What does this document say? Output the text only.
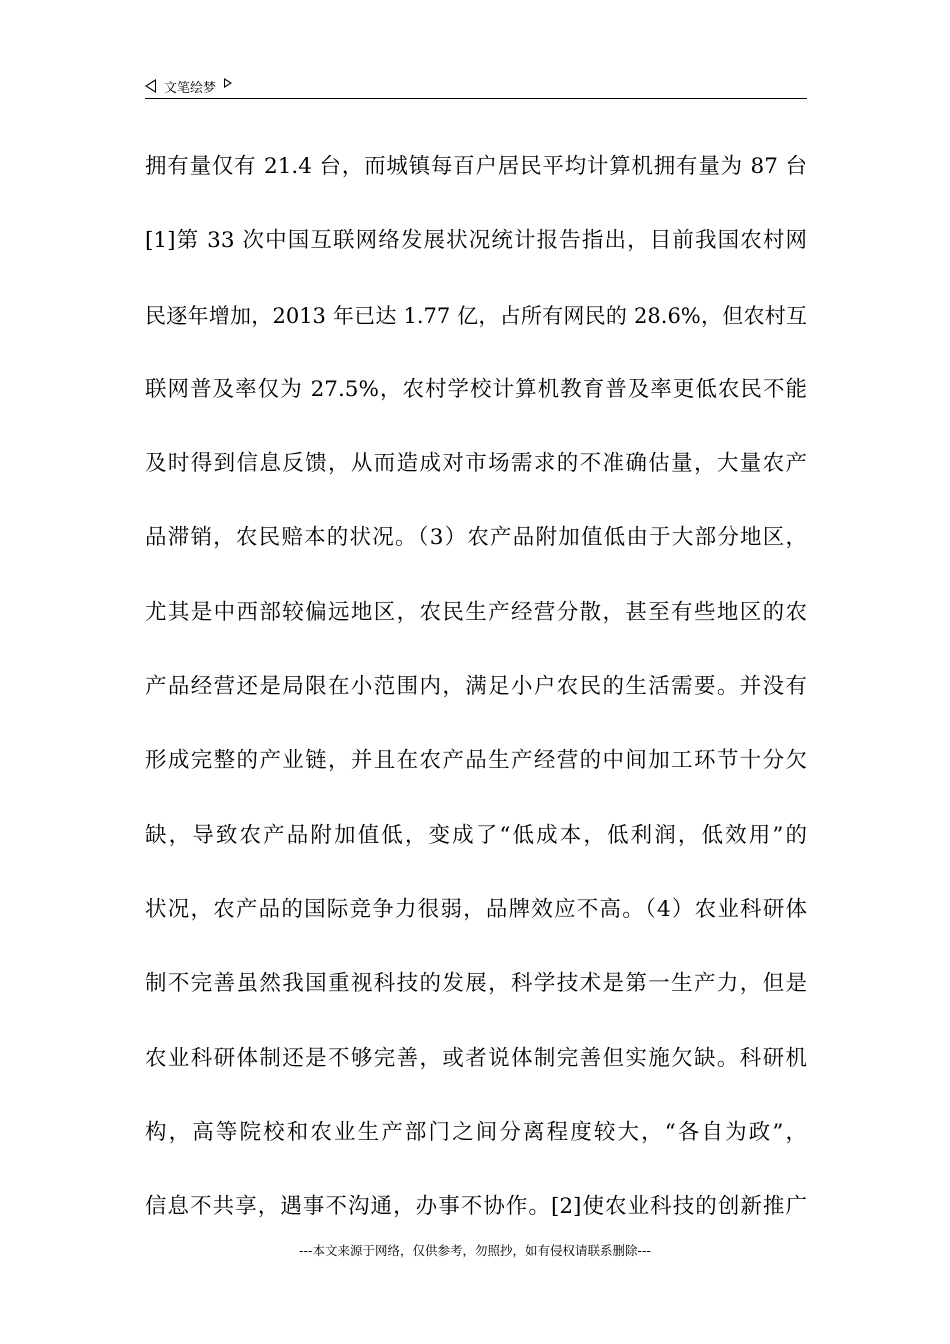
文笔绘梦
拥有量仅有 21.4 台，而城镇每百户居民平均计算机拥有量为 87 台
[1]第 33 次中国互联网络发展状况统计报告指出，目前我国农村网
民逐年增加，2013 年已达 1.77 亿，占所有网民的 28.6%，但农村互
联网普及率仅为 27.5%，农村学校计算机教育普及率更低农民不能
及时得到信息反馈，从而造成对市场需求的不准确估量，大量农产
品滞销，农民赔本的状况。（3）农产品附加值低由于大部分地区，
尤其是中西部较偏远地区，农民生产经营分散，甚至有些地区的农
产品经营还是局限在小范围内，满足小户农民的生活需要。并没有
形成完整的产业链，并且在农产品生产经营的中间加工环节十分欠
缺，导致农产品附加值低，变成了“低成本，低利润，低效用”的
状况，农产品的国际竞争力很弱，品牌效应不高。（4）农业科研体
制不完善虽然我国重视科技的发展，科学技术是第一生产力，但是
农业科研体制还是不够完善，或者说体制完善但实施欠缺。科研机
构，高等院校和农业生产部门之间分离程度较大，“各自为政”，
信息不共享，遇事不沟通，办事不协作。[2]使农业科技的创新推广
---本文来源于网络，仅供参考，勿照抄，如有侵权请联系删除---
